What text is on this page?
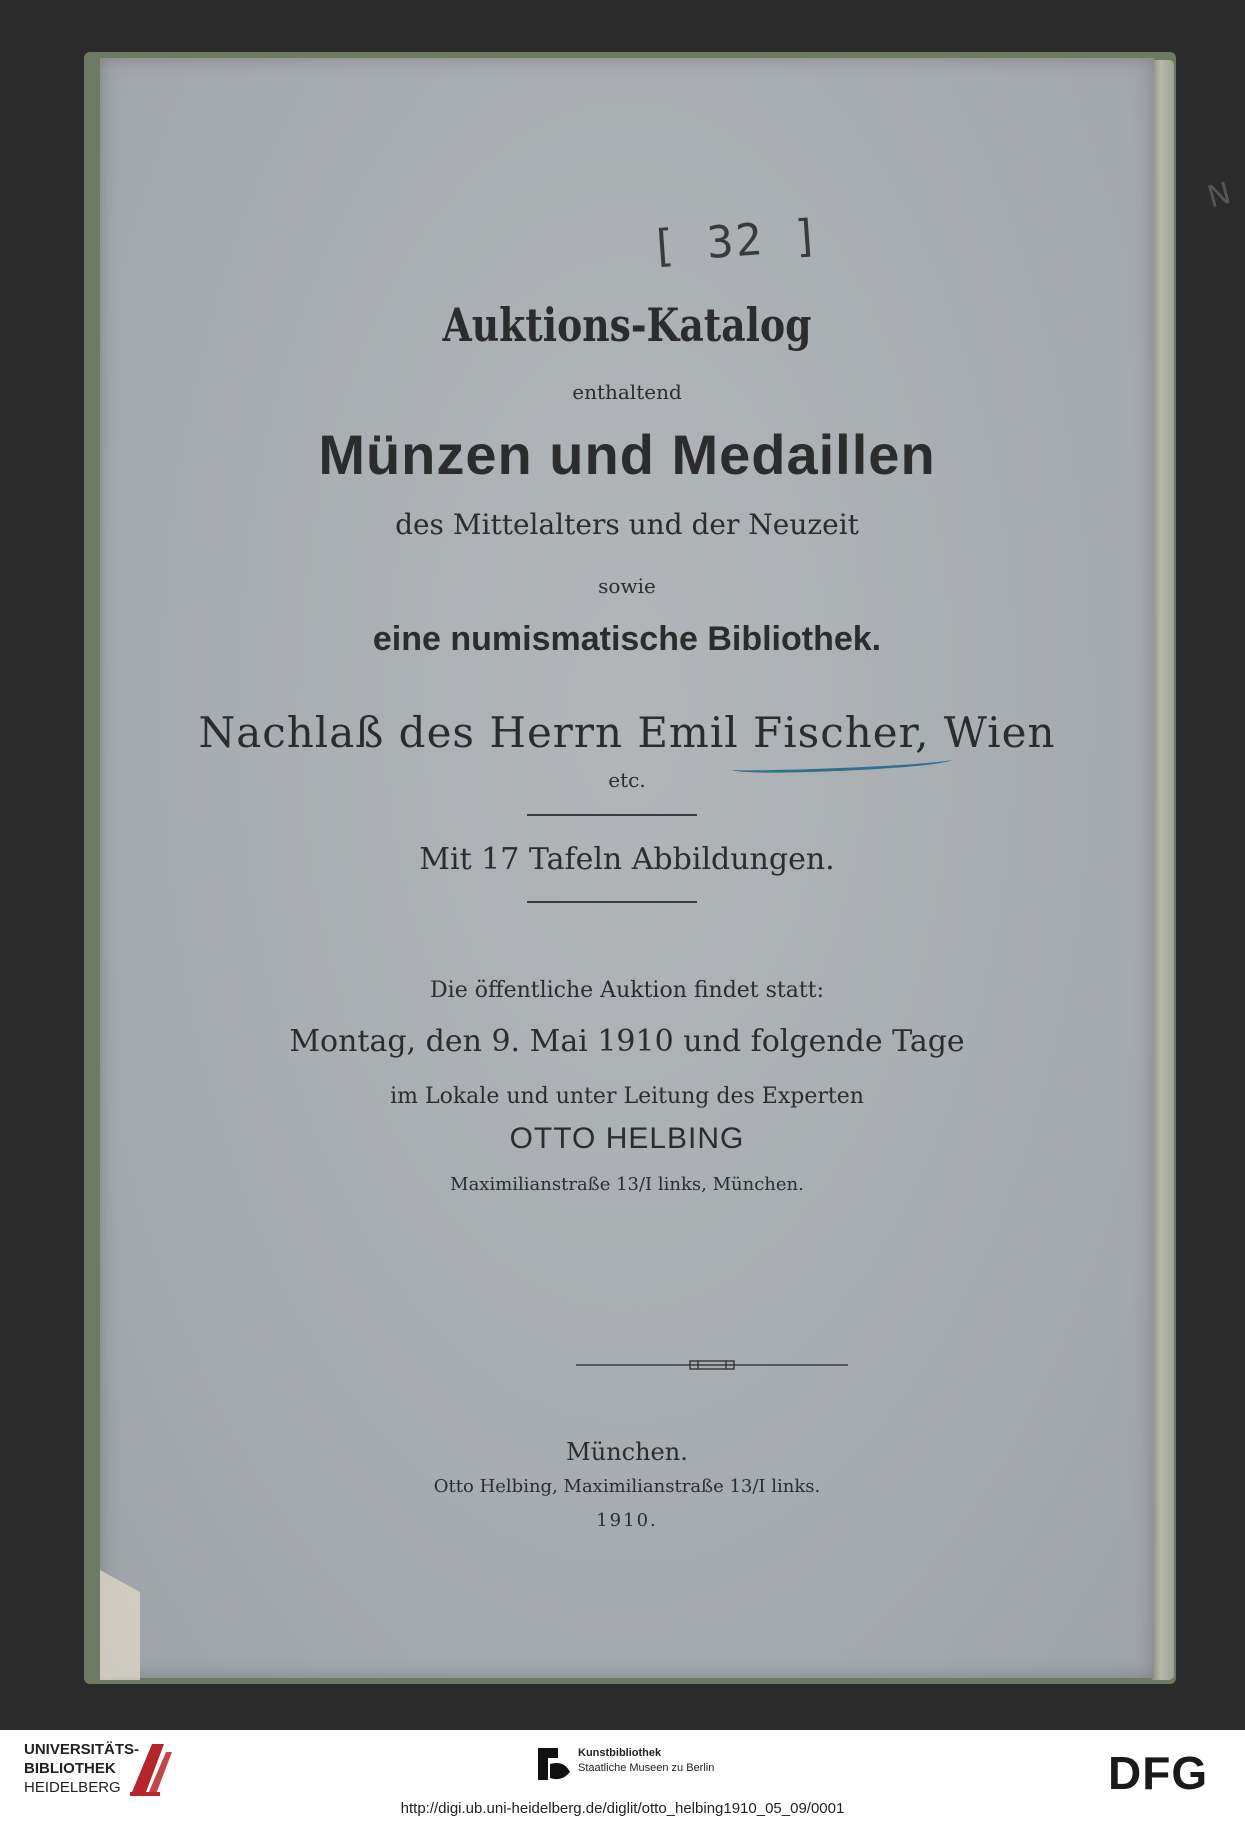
[ 32 ]
N

Auktions-Katalog

enthaltend

Münzen und Medaillen

des Mittelalters und der Neuzeit

sowie

eine numismatische Bibliothek.

Nachlaß des Herrn Emil Fischer, Wien

etc.

Mit 17 Tafeln Abbildungen.

Die öffentliche Auktion findet statt:

Montag, den 9. Mai 1910 und folgende Tage

im Lokale und unter Leitung des Experten

OTTO HELBING

Maximilianstraße 13/I links, München.

München.

Otto Helbing, Maximilianstraße 13/I links.

1910.

UNIVERSITÄTS-
BIBLIOTHEK
HEIDELBERG
Kunstbibliothek
Staatliche Museen zu Berlin	DFG
http://digi.ub.uni-heidelberg.de/diglit/otto_helbing1910_05_09/0001
